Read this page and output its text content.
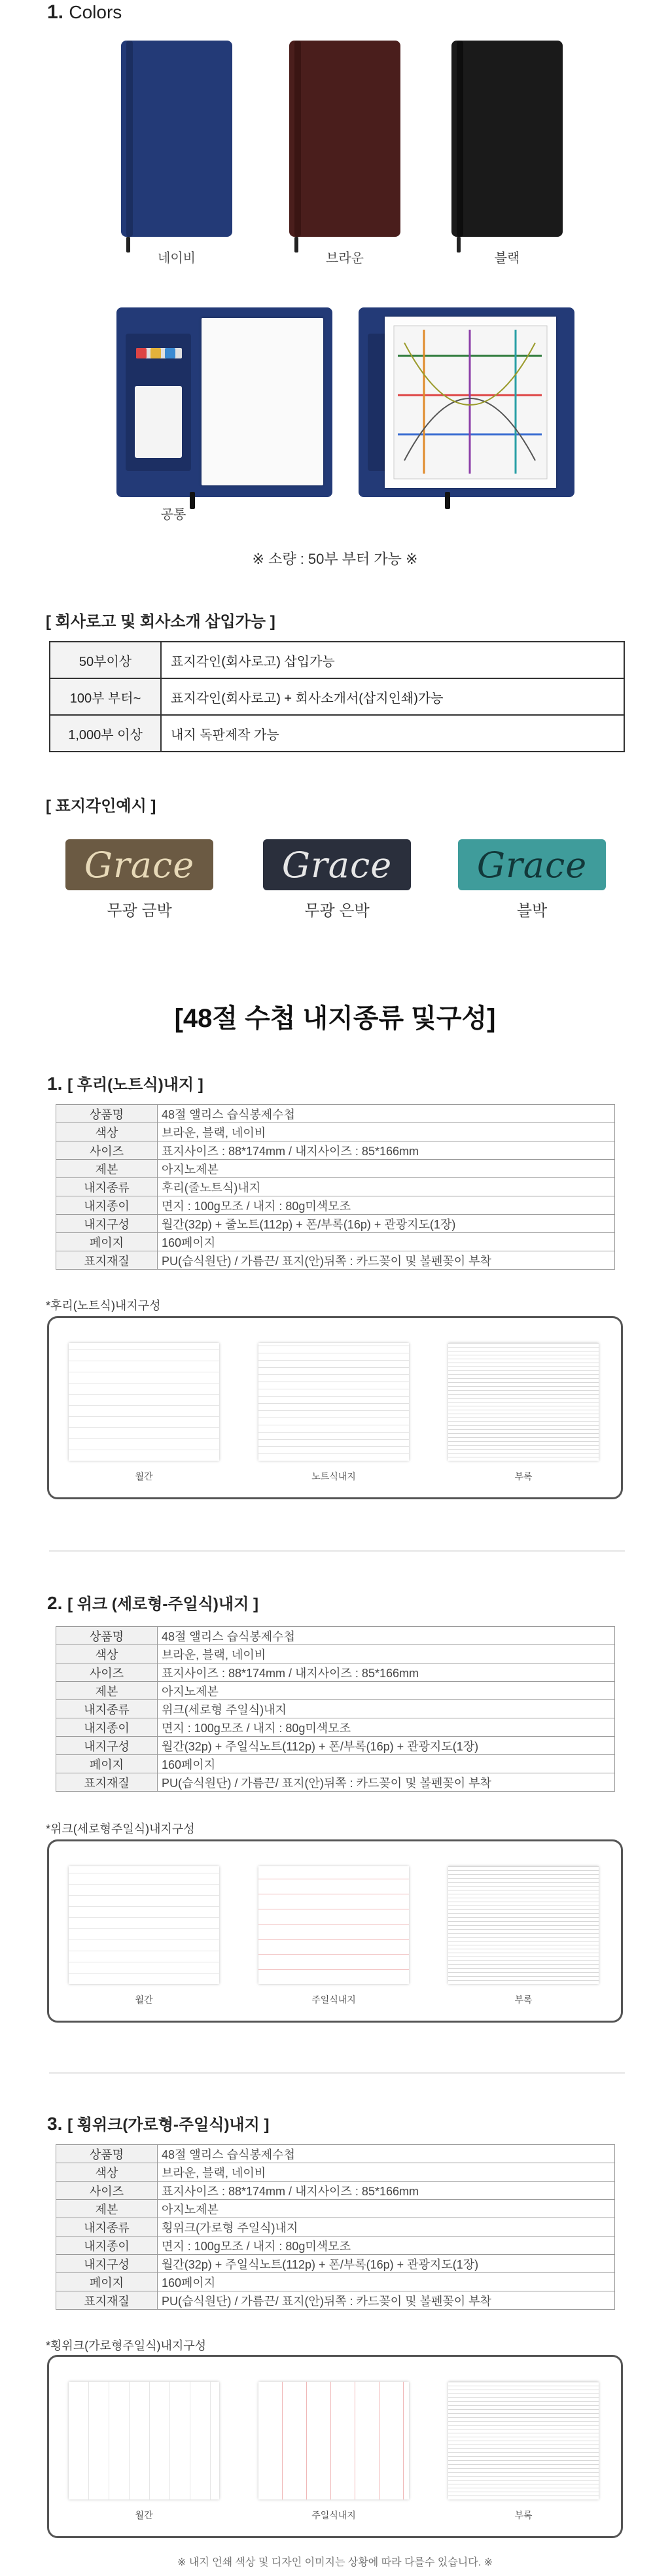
1. Colors
네이비	브라운	블랙
공통
※ 소량 : 50부 부터 가능 ※
[ 회사로고 및 회사소개 삽입가능 ]
50부이상	표지각인(회사로고) 삽입가능
100부 부터~	표지각인(회사로고) + 회사소개서(삽지인쇄)가능
1,000부 이상	내지 독판제작 가능
[ 표지각인예시 ]
Grace
무광 금박
Grace
무광 은박
Grace
블박
[48절 수첩 내지종류 및구성]
1. [ 후리(노트식)내지 ]
상품명	48절 앨리스 습식봉제수첩
색상	브라운, 블랙, 네이비
사이즈	표지사이즈 : 88*174mm / 내지사이즈 : 85*166mm
제본	아지노제본
내지종류	후리(줄노트식)내지
내지종이	면지 : 100g모조 / 내지 : 80g미색모조
내지구성	월간(32p) + 줄노트(112p) + 폰/부록(16p) + 관광지도(1장)
페이지	160페이지
표지재질	PU(습식원단) / 가름끈/ 표지(안)뒤쪽 : 카드꽂이 및 볼펜꽂이 부착
*후리(노트식)내지구성
월간	노트식내지	부록
2. [ 위크 (세로형-주일식)내지 ]
상품명	48절 앨리스 습식봉제수첩
색상	브라운, 블랙, 네이비
사이즈	표지사이즈 : 88*174mm / 내지사이즈 : 85*166mm
제본	아지노제본
내지종류	위크(세로형 주일식)내지
내지종이	면지 : 100g모조 / 내지 : 80g미색모조
내지구성	월간(32p) + 주일식노트(112p) + 폰/부록(16p) + 관광지도(1장)
페이지	160페이지
표지재질	PU(습식원단) / 가름끈/ 표지(안)뒤쪽 : 카드꽂이 및 볼펜꽂이 부착
*위크(세로형주일식)내지구성
월간	주일식내지	부록
3. [ 횡위크(가로형-주일식)내지 ]
상품명	48절 앨리스 습식봉제수첩
색상	브라운, 블랙, 네이비
사이즈	표지사이즈 : 88*174mm / 내지사이즈 : 85*166mm
제본	아지노제본
내지종류	횡위크(가로형 주일식)내지
내지종이	면지 : 100g모조 / 내지 : 80g미색모조
내지구성	월간(32p) + 주일식노트(112p) + 폰/부록(16p) + 관광지도(1장)
페이지	160페이지
표지재질	PU(습식원단) / 가름끈/ 표지(안)뒤쪽 : 카드꽂이 및 볼펜꽂이 부착
*횡위크(가로형주일식)내지구성
월간	주일식내지	부록
※ 내지 언쇄 색상 및 디자인 이미지는 상황에 따라 다를수 있습니다. ※
